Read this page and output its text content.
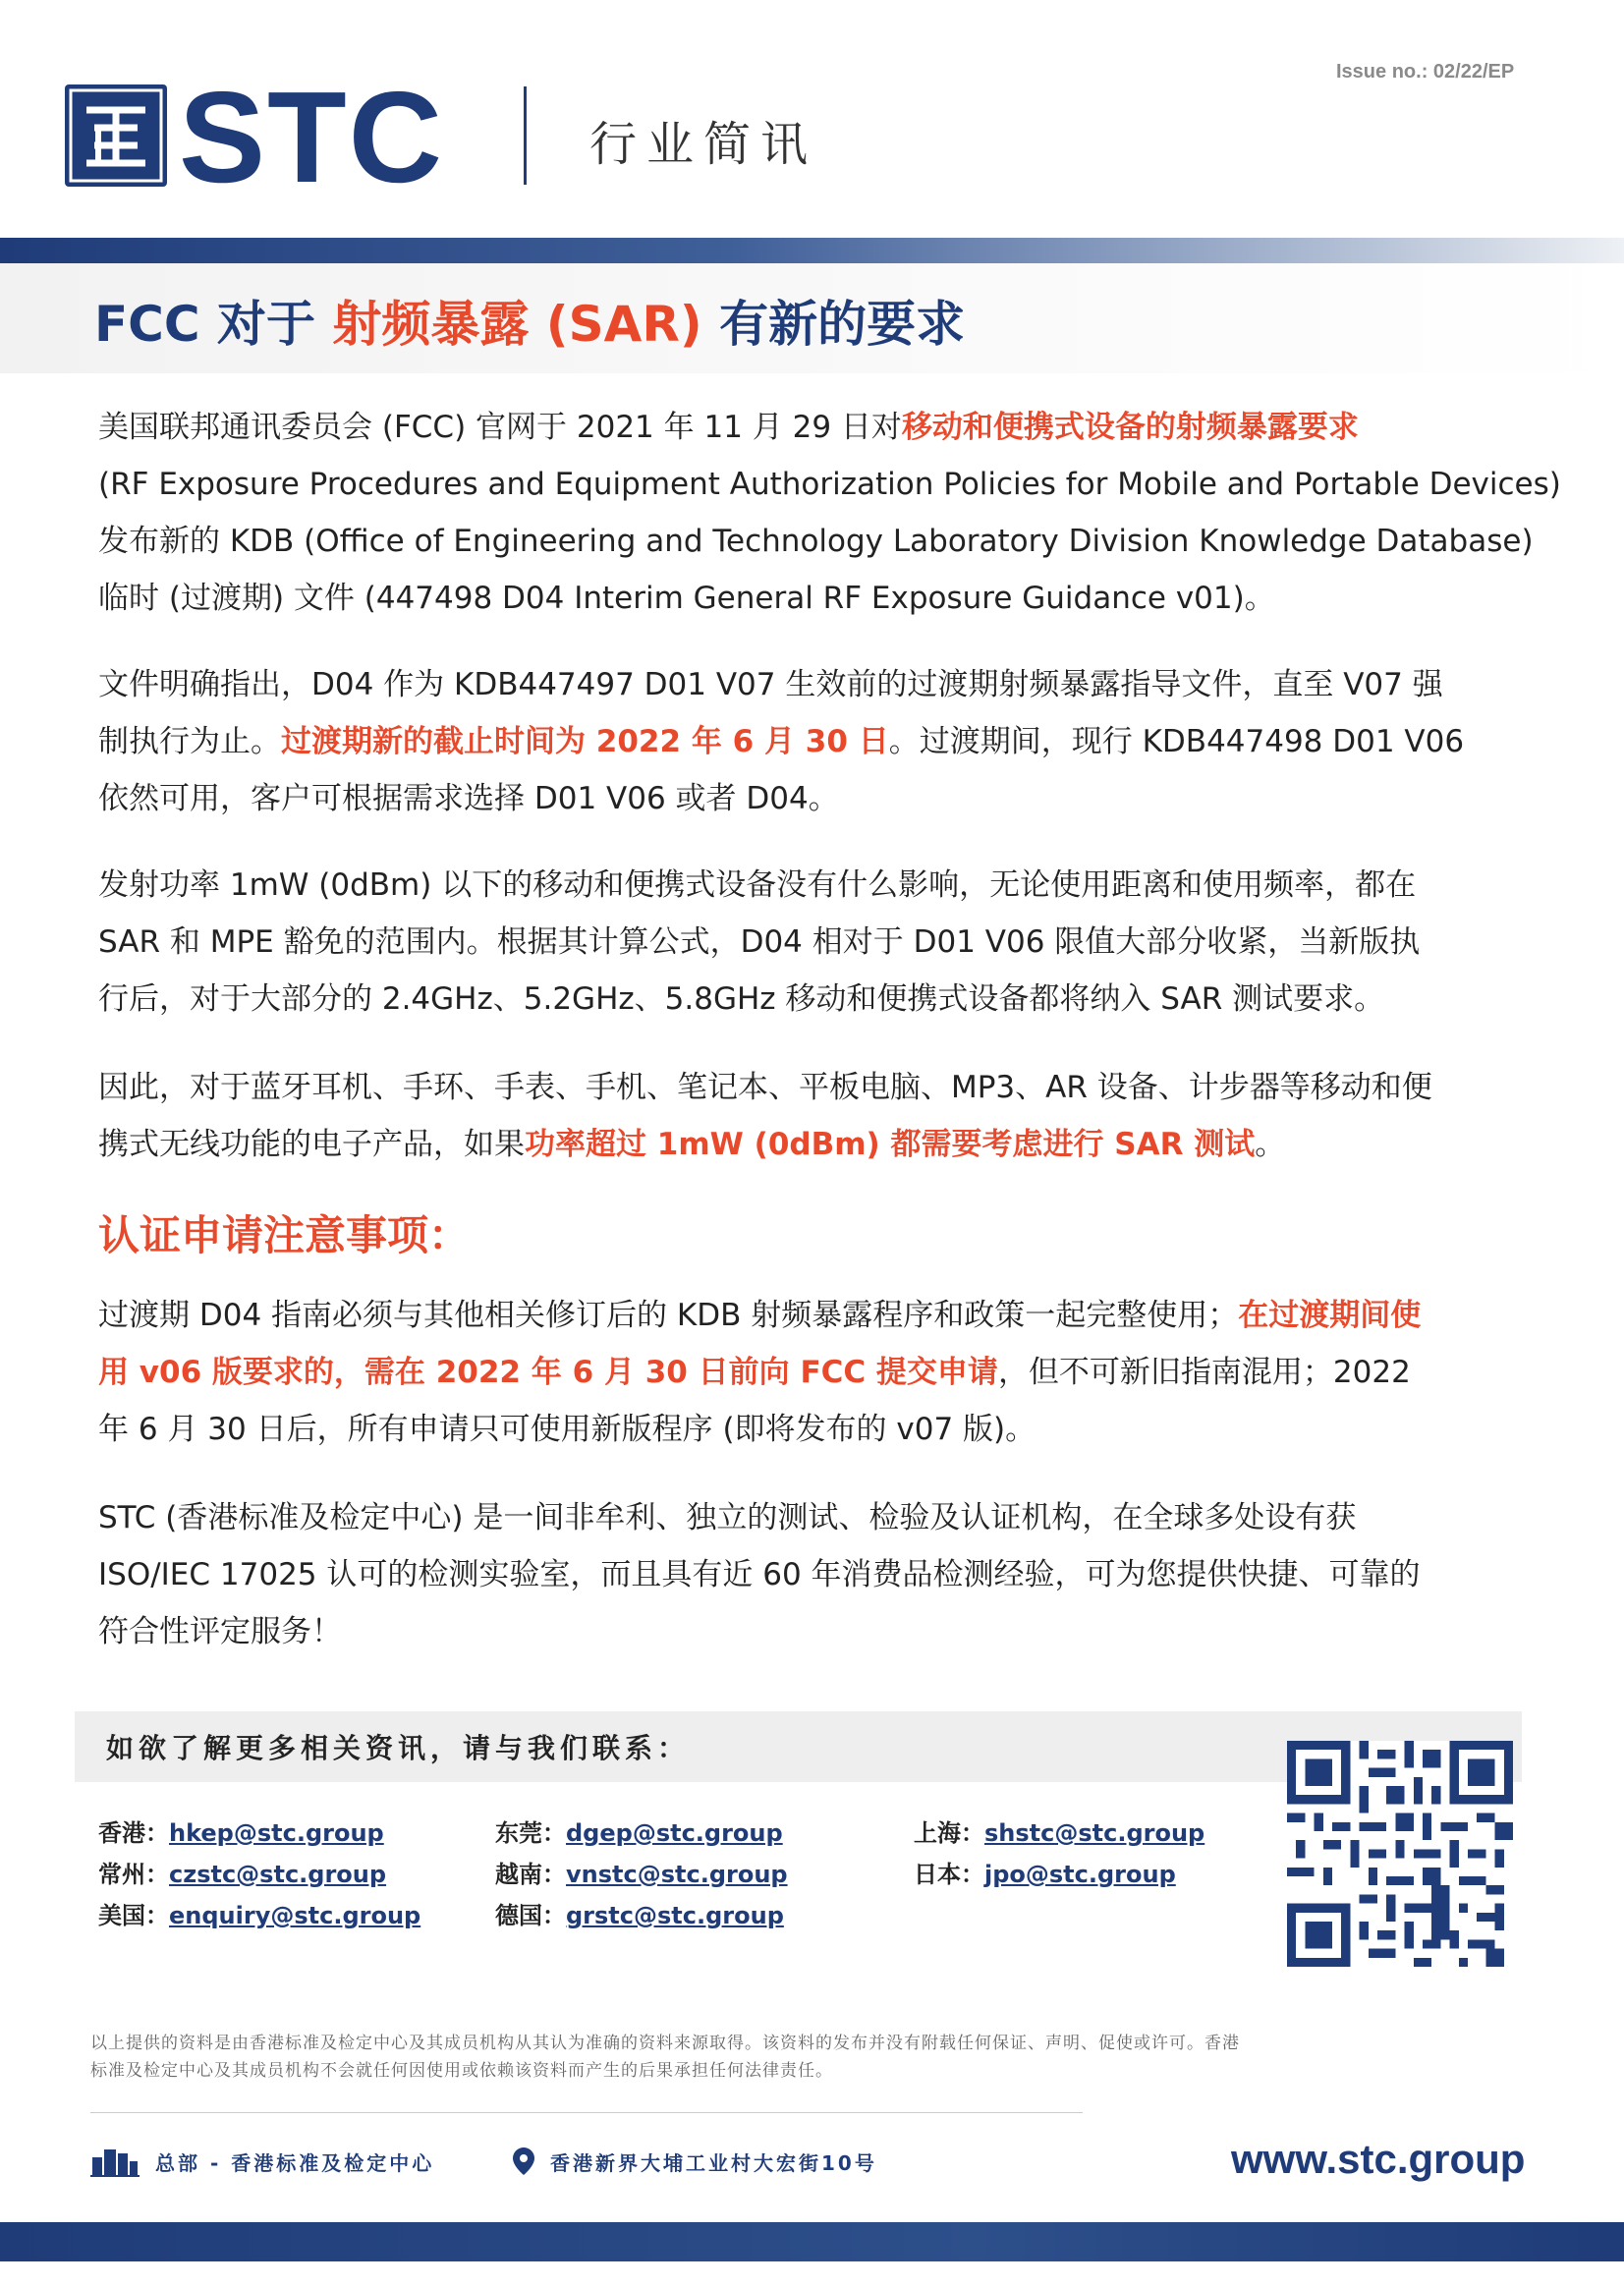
Issue no.: 02/22/EP
STC	行业简讯
FCC 对于 射频暴露 (SAR) 有新的要求
美国联邦通讯委员会 (FCC) 官网于 2021 年 11 月 29 日对移动和便携式设备的射频暴露要求
(RF Exposure Procedures and Equipment Authorization Policies for Mobile and Portable Devices)
发布新的 KDB (Office of Engineering and Technology Laboratory Division Knowledge Database)
临时 (过渡期) 文件 (447498 D04 Interim General RF Exposure Guidance v01)。
文件明确指出，D04 作为 KDB447497 D01 V07 生效前的过渡期射频暴露指导文件，直至 V07 强
制执行为止。过渡期新的截止时间为 2022 年 6 月 30 日。过渡期间，现行 KDB447498 D01 V06
依然可用，客户可根据需求选择 D01 V06 或者 D04。
发射功率 1mW (0dBm) 以下的移动和便携式设备没有什么影响，无论使用距离和使用频率，都在
SAR 和 MPE 豁免的范围内。根据其计算公式，D04 相对于 D01 V06 限值大部分收紧，当新版执
行后，对于大部分的 2.4GHz、5.2GHz、5.8GHz 移动和便携式设备都将纳入 SAR 测试要求。
因此，对于蓝牙耳机、手环、手表、手机、笔记本、平板电脑、MP3、AR 设备、计步器等移动和便
携式无线功能的电子产品，如果功率超过 1mW (0dBm) 都需要考虑进行 SAR 测试。
认证申请注意事项：
过渡期 D04 指南必须与其他相关修订后的 KDB 射频暴露程序和政策一起完整使用；在过渡期间使
用 v06 版要求的，需在 2022 年 6 月 30 日前向 FCC 提交申请，但不可新旧指南混用；2022
年 6 月 30 日后，所有申请只可使用新版程序 (即将发布的 v07 版)。
STC (香港标准及检定中心) 是一间非牟利、独立的测试、检验及认证机构，在全球多处设有获
ISO/IEC 17025 认可的检测实验室，而且具有近 60 年消费品检测经验，可为您提供快捷、可靠的
符合性评定服务！
如欲了解更多相关资讯，请与我们联系：
香港：hkep@stc.group	东莞：dgep@stc.group	上海：shstc@stc.group
常州：czstc@stc.group	越南：vnstc@stc.group	日本：jpo@stc.group
美国：enquiry@stc.group	德国：grstc@stc.group
以上提供的资料是由香港标准及检定中心及其成员机构从其认为准确的资料来源取得。该资料的发布并没有附载任何保证、声明、促使或许可。香港
标准及检定中心及其成员机构不会就任何因使用或依赖该资料而产生的后果承担任何法律责任。
总部 - 香港标准及检定中心	香港新界大埔工业村大宏街10号	www.stc.group
